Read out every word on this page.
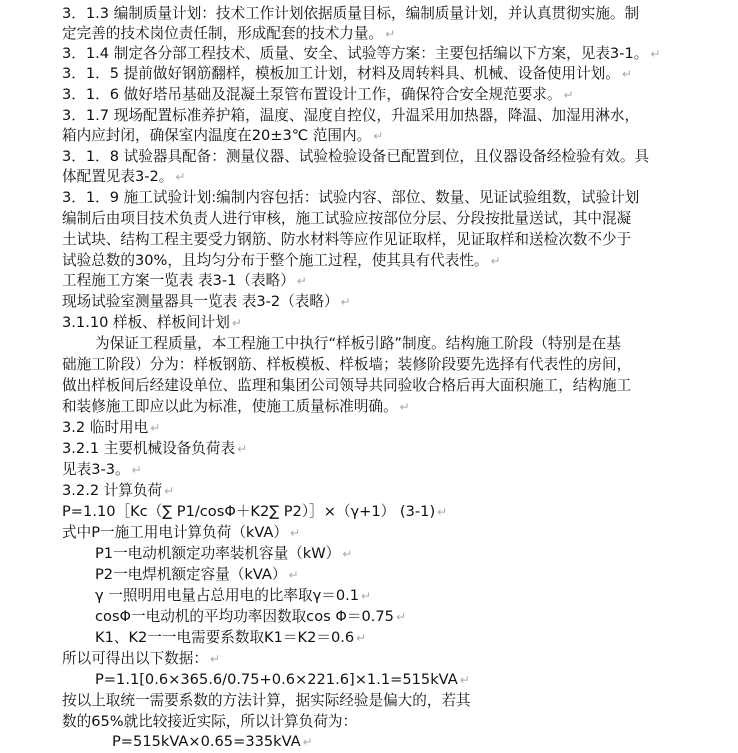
3．1.3 编制质量计划：技术工作计划依据质量目标，编制质量计划，并认真贯彻实施。制
定完善的技术岗位责任制，形成配套的技术力量。 ↵
3．1.4 制定各分部工程技术、质量、安全、试验等方案：主要包括编以下方案，见表3-1。 ↵
3．1．5 提前做好钢筋翻样，模板加工计划，材料及周转料具、机械、设备使用计划。 ↵
3．1．6 做好塔吊基础及混凝土泵管布置设计工作，确保符合安全规范要求。 ↵
3．1.7 现场配置标准养护箱，温度、湿度自控仪，升温采用加热器，降温、加湿用淋水，
箱内应封闭，确保室内温度在20±3℃ 范围内。 ↵
3．1．8 试验器具配备：测量仪器、试验检验设备已配置到位，且仪器设备经检验有效。具
体配置见表3-2。 ↵
3．1．9 施工试验计划:编制内容包括：试验内容、部位、数量、见证试验组数，试验计划
编制后由项目技术负责人进行审核，施工试验应按部位分层、分段按批量送试，其中混凝
土试块、结构工程主要受力钢筋、防水材料等应作见证取样，见证取样和送检次数不少于
试验总数的30%，且均匀分布于整个施工过程，使其具有代表性。 ↵
工程施工方案一览表 表3-1（表略） ↵
现场试验室测量器具一览表 表3-2（表略） ↵
3.1.10 样板、样板间计划 ↵
为保证工程质量，本工程施工中执行“样板引路”制度。结构施工阶段（特别是在基
础施工阶段）分为：样板钢筋、样板模板、样板墙；装修阶段要先选择有代表性的房间，
做出样板间后经建设单位、监理和集团公司领导共同验收合格后再大面积施工，结构施工
和装修施工即应以此为标准，使施工质量标准明确。 ↵
3.2 临时用电 ↵
3.2.1 主要机械设备负荷表 ↵
见表3-3。 ↵
3.2.2 计算负荷 ↵
P=1.10［Kc（∑ P1/cosΦ＋K2∑ P2）］×（γ+1） (3-1) ↵
式中P一施工用电计算负荷（kVA） ↵
P1一电动机额定功率装机容量（kW） ↵
P2一电焊机额定容量（kVA） ↵
γ 一照明用电量占总用电的比率取γ＝0.1 ↵
cosΦ一电动机的平均功率因数取cos Φ＝0.75 ↵
K1、K2一一电需要系数取K1＝K2＝0.6 ↵
所以可得出以下数据： ↵
P=1.1[0.6×365.6/0.75+0.6×221.6]×1.1=515kVA ↵
按以上取统一需要系数的方法计算，据实际经验是偏大的，若其
数的65%就比较接近实际，所以计算负荷为：
P=515kVA×0.65=335kVA ↵
